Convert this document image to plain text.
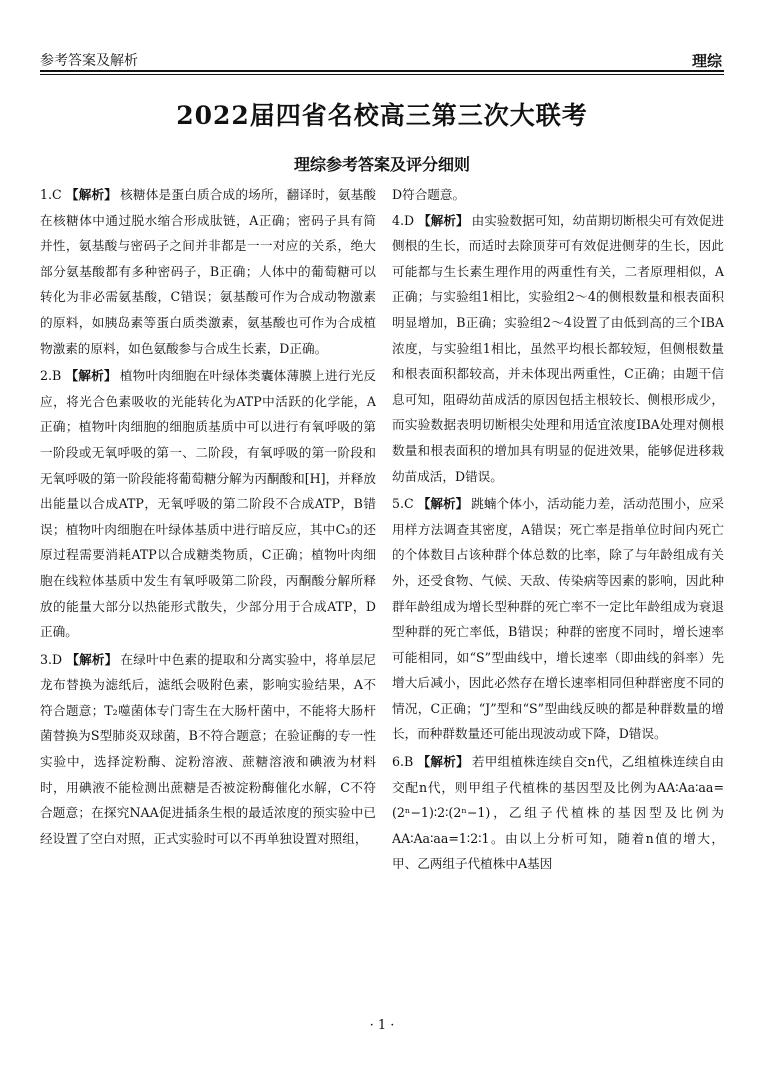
参考答案及解析	理综
2022届四省名校高三第三次大联考
理综参考答案及评分细则
1.C 【解析】 核糖体是蛋白质合成的场所，翻译时，氨基酸在核糖体中通过脱水缩合形成肽链，A正确；密码子具有简并性，氨基酸与密码子之间并非都是一一对应的关系，绝大部分氨基酸都有多种密码子，B正确；人体中的葡萄糖可以转化为非必需氨基酸，C错误；氨基酸可作为合成动物激素的原料，如胰岛素等蛋白质类激素，氨基酸也可作为合成植物激素的原料，如色氨酸参与合成生长素，D正确。
2.B 【解析】 植物叶肉细胞在叶绿体类囊体薄膜上进行光反应，将光合色素吸收的光能转化为ATP中活跃的化学能，A正确；植物叶肉细胞的细胞质基质中可以进行有氧呼吸的第一阶段或无氧呼吸的第一、二阶段，有氧呼吸的第一阶段和无氧呼吸的第一阶段能将葡萄糖分解为丙酮酸和[H]，并释放出能量以合成ATP，无氧呼吸的第二阶段不合成ATP，B错误；植物叶肉细胞在叶绿体基质中进行暗反应，其中C₃的还原过程需要消耗ATP以合成糖类物质，C正确；植物叶肉细胞在线粒体基质中发生有氧呼吸第二阶段，丙酮酸分解所释放的能量大部分以热能形式散失，少部分用于合成ATP，D正确。
3.D 【解析】 在绿叶中色素的提取和分离实验中，将单层尼龙布替换为滤纸后，滤纸会吸附色素，影响实验结果，A不符合题意；T₂噬菌体专门寄生在大肠杆菌中，不能将大肠杆菌替换为S型肺炎双球菌，B不符合题意；在验证酶的专一性实验中，选择淀粉酶、淀粉溶液、蔗糖溶液和碘液为材料时，用碘液不能检测出蔗糖是否被淀粉酶催化水解，C不符合题意；在探究NAA促进插条生根的最适浓度的预实验中已经设置了空白对照，正式实验时可以不再单独设置对照组，
D符合题意。
4.D 【解析】 由实验数据可知，幼苗期切断根尖可有效促进侧根的生长，而适时去除顶芽可有效促进侧芽的生长，因此可能都与生长素生理作用的两重性有关，二者原理相似，A正确；与实验组1相比，实验组2～4的侧根数量和根表面积明显增加，B正确；实验组2～4设置了由低到高的三个IBA浓度，与实验组1相比，虽然平均根长都较短，但侧根数量和根表面积都较高，并未体现出两重性，C正确；由题干信息可知，阻碍幼苗成活的原因包括主根较长、侧根形成少，而实验数据表明切断根尖处理和用适宜浓度IBA处理对侧根数量和根表面积的增加具有明显的促进效果，能够促进移栽幼苗成活，D错误。
5.C 【解析】 跳蝻个体小，活动能力差，活动范围小，应采用样方法调查其密度，A错误；死亡率是指单位时间内死亡的个体数目占该种群个体总数的比率，除了与年龄组成有关外，还受食物、气候、天敌、传染病等因素的影响，因此种群年龄组成为增长型种群的死亡率不一定比年龄组成为衰退型种群的死亡率低，B错误；种群的密度不同时，增长速率可能相同，如“S”型曲线中，增长速率（即曲线的斜率）先增大后减小，因此必然存在增长速率相同但种群密度不同的情况，C正确；“J”型和“S”型曲线反映的都是种群数量的增长，而种群数量还可能出现波动或下降，D错误。
6.B 【解析】 若甲组植株连续自交n代，乙组植株连续自由交配n代，则甲组子代植株的基因型及比例为AA∶Aa∶aa=(2ⁿ−1)∶2∶(2ⁿ−1)，乙组子代植株的基因型及比例为AA∶Aa∶aa=1∶2∶1。由以上分析可知，随着n值的增大，甲、乙两组子代植株中A基因
· 1 ·
